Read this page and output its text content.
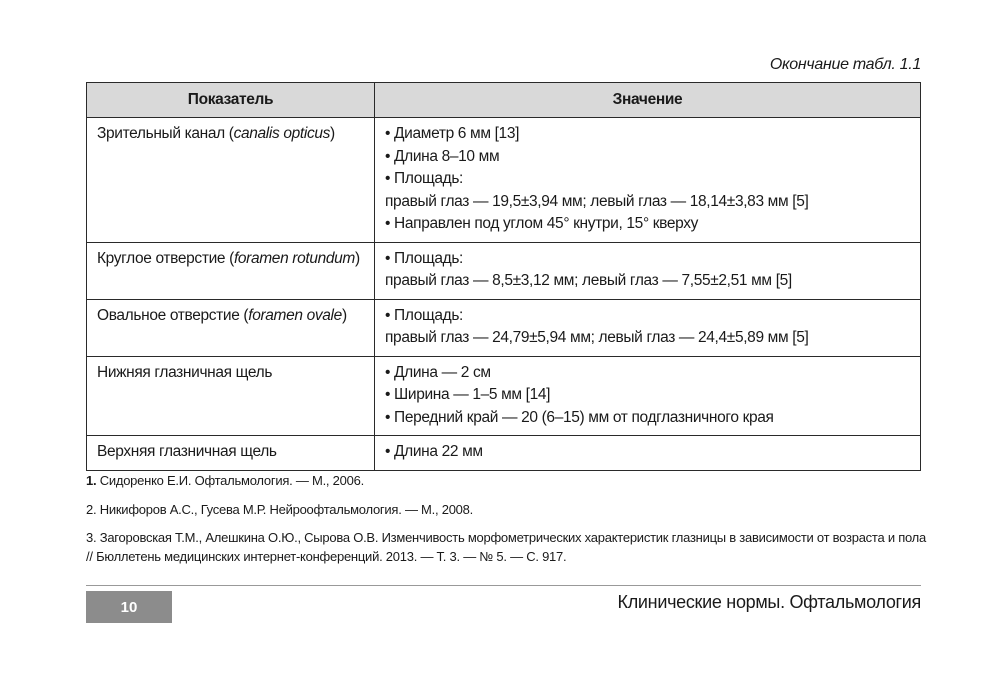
Окончание табл. 1.1
Показатель	Значение
Зрительный канал (canalis opticus)	• Диаметр 6 мм [13]
• Длина 8–10 мм
• Площадь:
правый глаз — 19,5±3,94 мм; левый глаз — 18,14±3,83 мм [5]
• Направлен под углом 45° кнутри, 15° кверху

Круглое отверстие (foramen rotundum)	• Площадь:
правый глаз — 8,5±3,12 мм; левый глаз — 7,55±2,51 мм [5]

Овальное отверстие (foramen ovale)	• Площадь:
правый глаз — 24,79±5,94 мм; левый глаз — 24,4±5,89 мм [5]

Нижняя глазничная щель	• Длина — 2 см
• Ширина — 1–5 мм [14]
• Передний край — 20 (6–15) мм от подглазничного края

Верхняя глазничная щель	• Длина 22 мм
1. Сидоренко Е.И. Офтальмология. — М., 2006.
2. Никифоров А.С., Гусева М.Р. Нейроофтальмология. — М., 2008.
3. Загоровская Т.М., Алешкина О.Ю., Сырова О.В. Изменчивость морфометрических характеристик глазницы в зависимости от возраста и пола // Бюллетень медицинских интернет-конференций. 2013. — Т. 3. — № 5. — С. 917.
10	Клинические нормы. Офтальмология
